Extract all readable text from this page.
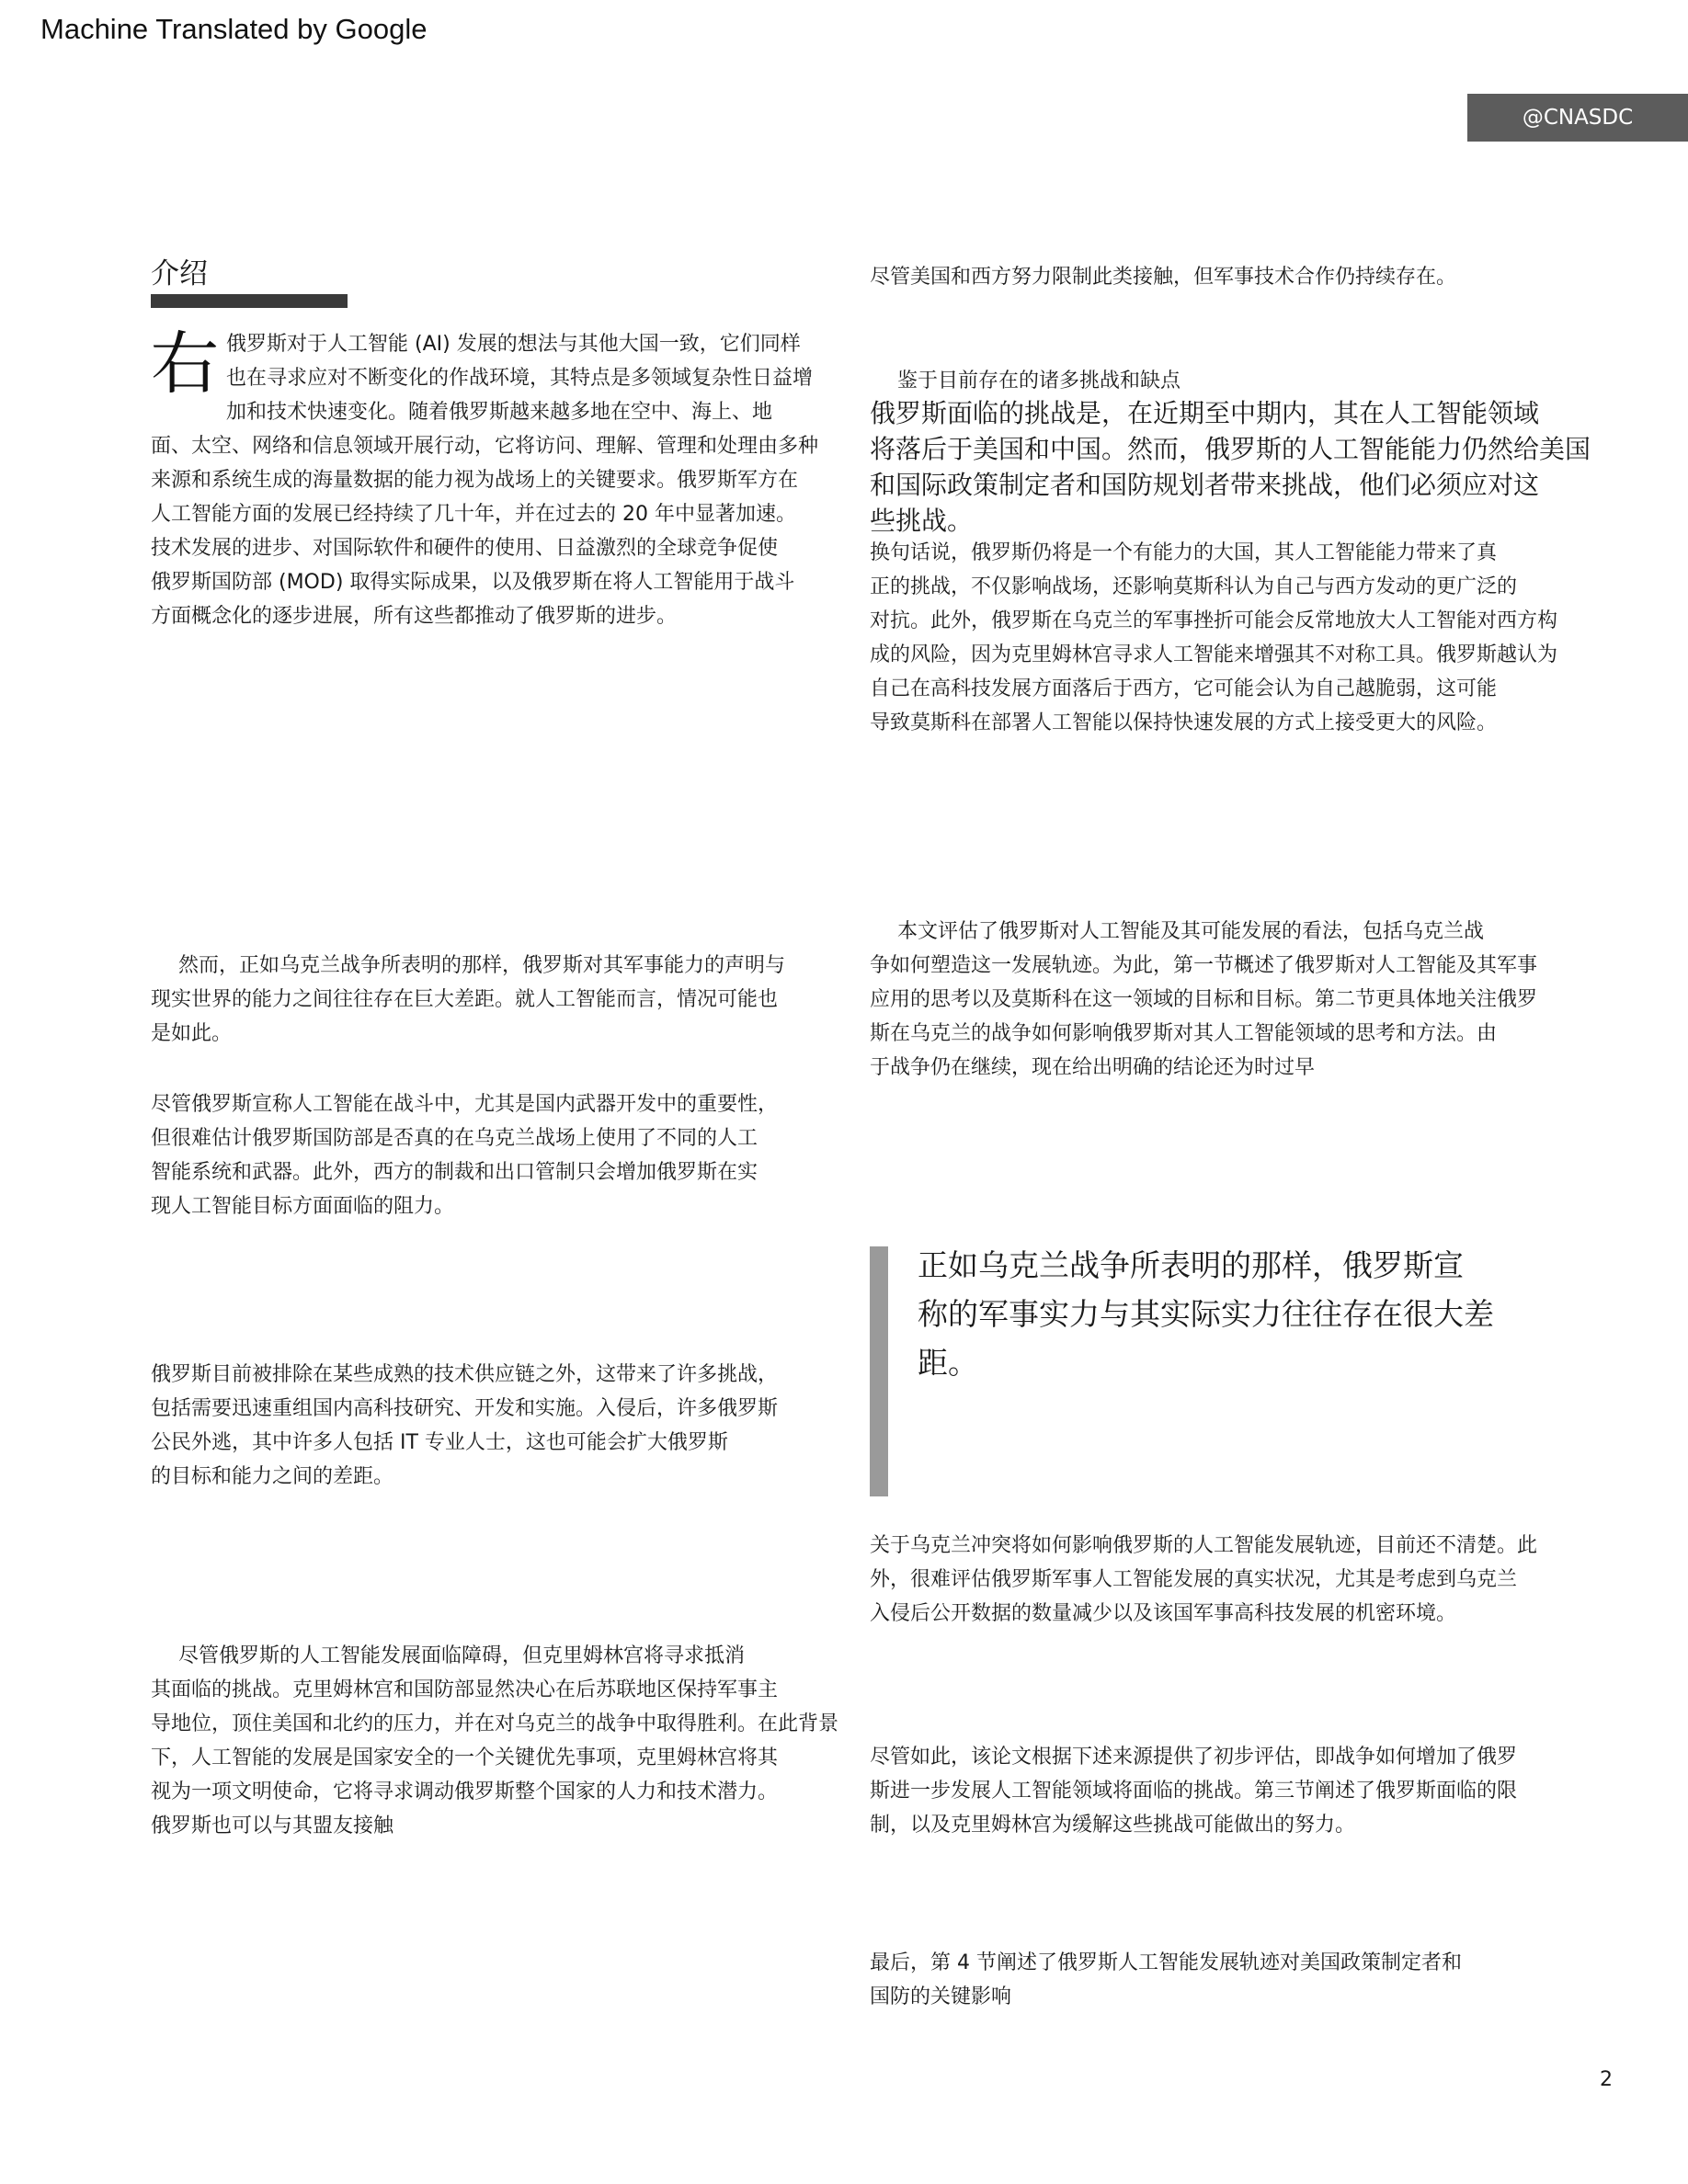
Machine Translated by Google
@CNASDC
介绍
右 俄罗斯对于人工智能 (AI) 发展的想法与其他大国一致，它们同样
也在寻求应对不断变化的作战环境，其特点是多领域复杂性日益增
加和技术快速变化。随着俄罗斯越来越多地在空中、海上、地

面、太空、网络和信息领域开展行动，它将访问、理解、管理和处理由多种
来源和系统生成的海量数据的能力视为战场上的关键要求。俄罗斯军方在
人工智能方面的发展已经持续了几十年，并在过去的 20 年中显著加速。
技术发展的进步、对国际软件和硬件的使用、日益激烈的全球竞争促使
俄罗斯国防部 (MOD) 取得实际成果，以及俄罗斯在将人工智能用于战斗
方面概念化的逐步进展，所有这些都推动了俄罗斯的进步。

然而，正如乌克兰战争所表明的那样，俄罗斯对其军事能力的声明与
现实世界的能力之间往往存在巨大差距。就人工智能而言，情况可能也
是如此。

尽管俄罗斯宣称人工智能在战斗中，尤其是国内武器开发中的重要性，
但很难估计俄罗斯国防部是否真的在乌克兰战场上使用了不同的人工
智能系统和武器。此外，西方的制裁和出口管制只会增加俄罗斯在实
现人工智能目标方面面临的阻力。

俄罗斯目前被排除在某些成熟的技术供应链之外，这带来了许多挑战，
包括需要迅速重组国内高科技研究、开发和实施。入侵后，许多俄罗斯
公民外逃，其中许多人包括 IT 专业人士，这也可能会扩大俄罗斯
的目标和能力之间的差距。

尽管俄罗斯的人工智能发展面临障碍，但克里姆林宫将寻求抵消
其面临的挑战。克里姆林宫和国防部显然决心在后苏联地区保持军事主
导地位，顶住美国和北约的压力，并在对乌克兰的战争中取得胜利。在此背景
下，人工智能的发展是国家安全的一个关键优先事项，克里姆林宫将其
视为一项文明使命，它将寻求调动俄罗斯整个国家的人力和技术潜力。
俄罗斯也可以与其盟友接触

尽管美国和西方努力限制此类接触，但军事技术合作仍持续存在。

鉴于目前存在的诸多挑战和缺点

俄罗斯面临的挑战是，在近期至中期内，其在人工智能领域
将落后于美国和中国。然而，俄罗斯的人工智能能力仍然给美国
和国际政策制定者和国防规划者带来挑战，他们必须应对这
些挑战。

换句话说，俄罗斯仍将是一个有能力的大国，其人工智能能力带来了真
正的挑战，不仅影响战场，还影响莫斯科认为自己与西方发动的更广泛的
对抗。此外，俄罗斯在乌克兰的军事挫折可能会反常地放大人工智能对西方构
成的风险，因为克里姆林宫寻求人工智能来增强其不对称工具。俄罗斯越认为
自己在高科技发展方面落后于西方，它可能会认为自己越脆弱，这可能
导致莫斯科在部署人工智能以保持快速发展的方式上接受更大的风险。

本文评估了俄罗斯对人工智能及其可能发展的看法，包括乌克兰战
争如何塑造这一发展轨迹。为此，第一节概述了俄罗斯对人工智能及其军事
应用的思考以及莫斯科在这一领域的目标和目标。第二节更具体地关注俄罗
斯在乌克兰的战争如何影响俄罗斯对其人工智能领域的思考和方法。由
于战争仍在继续，现在给出明确的结论还为时过早

正如乌克兰战争所表明的那样，俄罗斯宣
称的军事实力与其实际实力往往存在很大差
距。

关于乌克兰冲突将如何影响俄罗斯的人工智能发展轨迹，目前还不清楚。此
外，很难评估俄罗斯军事人工智能发展的真实状况，尤其是考虑到乌克兰
入侵后公开数据的数量减少以及该国军事高科技发展的机密环境。

尽管如此，该论文根据下述来源提供了初步评估，即战争如何增加了俄罗
斯进一步发展人工智能领域将面临的挑战。第三节阐述了俄罗斯面临的限
制，以及克里姆林宫为缓解这些挑战可能做出的努力。

最后，第 4 节阐述了俄罗斯人工智能发展轨迹对美国政策制定者和
国防的关键影响

2
